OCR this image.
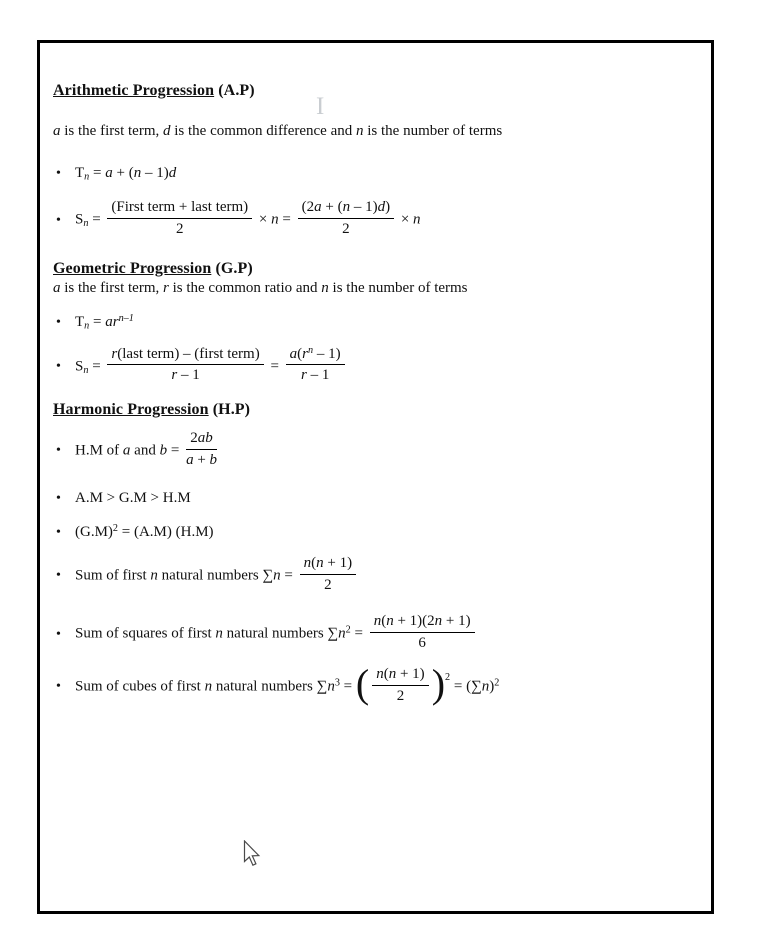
Arithmetic Progression (A.P)

a is the first term, d is the common difference and n is the number of terms

• $T_n = a + (n - 1)d$
• $S_n = \frac{\text{(First term + last term)}}{2} \times n = \frac{(2a + (n - 1)d)}{2} \times n$
Geometric Progression (G.P)

a is the first term, r is the common ratio and n is the number of terms

• $T_n = ar^{n-1}$
• $S_n = \frac{\text{r(last term) – (first term)}}{r - 1} = \frac{a(r^n - 1)}{r - 1}$
Harmonic Progression (H.P)
• H.M of a and $b = \frac{2ab}{a + b}$
• A.M > G.M > H.M
• $(G.M)^2 = (A.M)$ (H.M)
• Sum of first n natural numbers $\sum n = \frac{n(n + 1)}{2}$
• Sum of squares of first n natural numbers $\sum n^2 = \frac{n(n + 1)(2n + 1)}{6}$
• Sum of cubes of first n natural numbers $\sum n^3$ = ( $\frac{n(n + 1)}{2} )^2 = (\sum n)^2$
I
